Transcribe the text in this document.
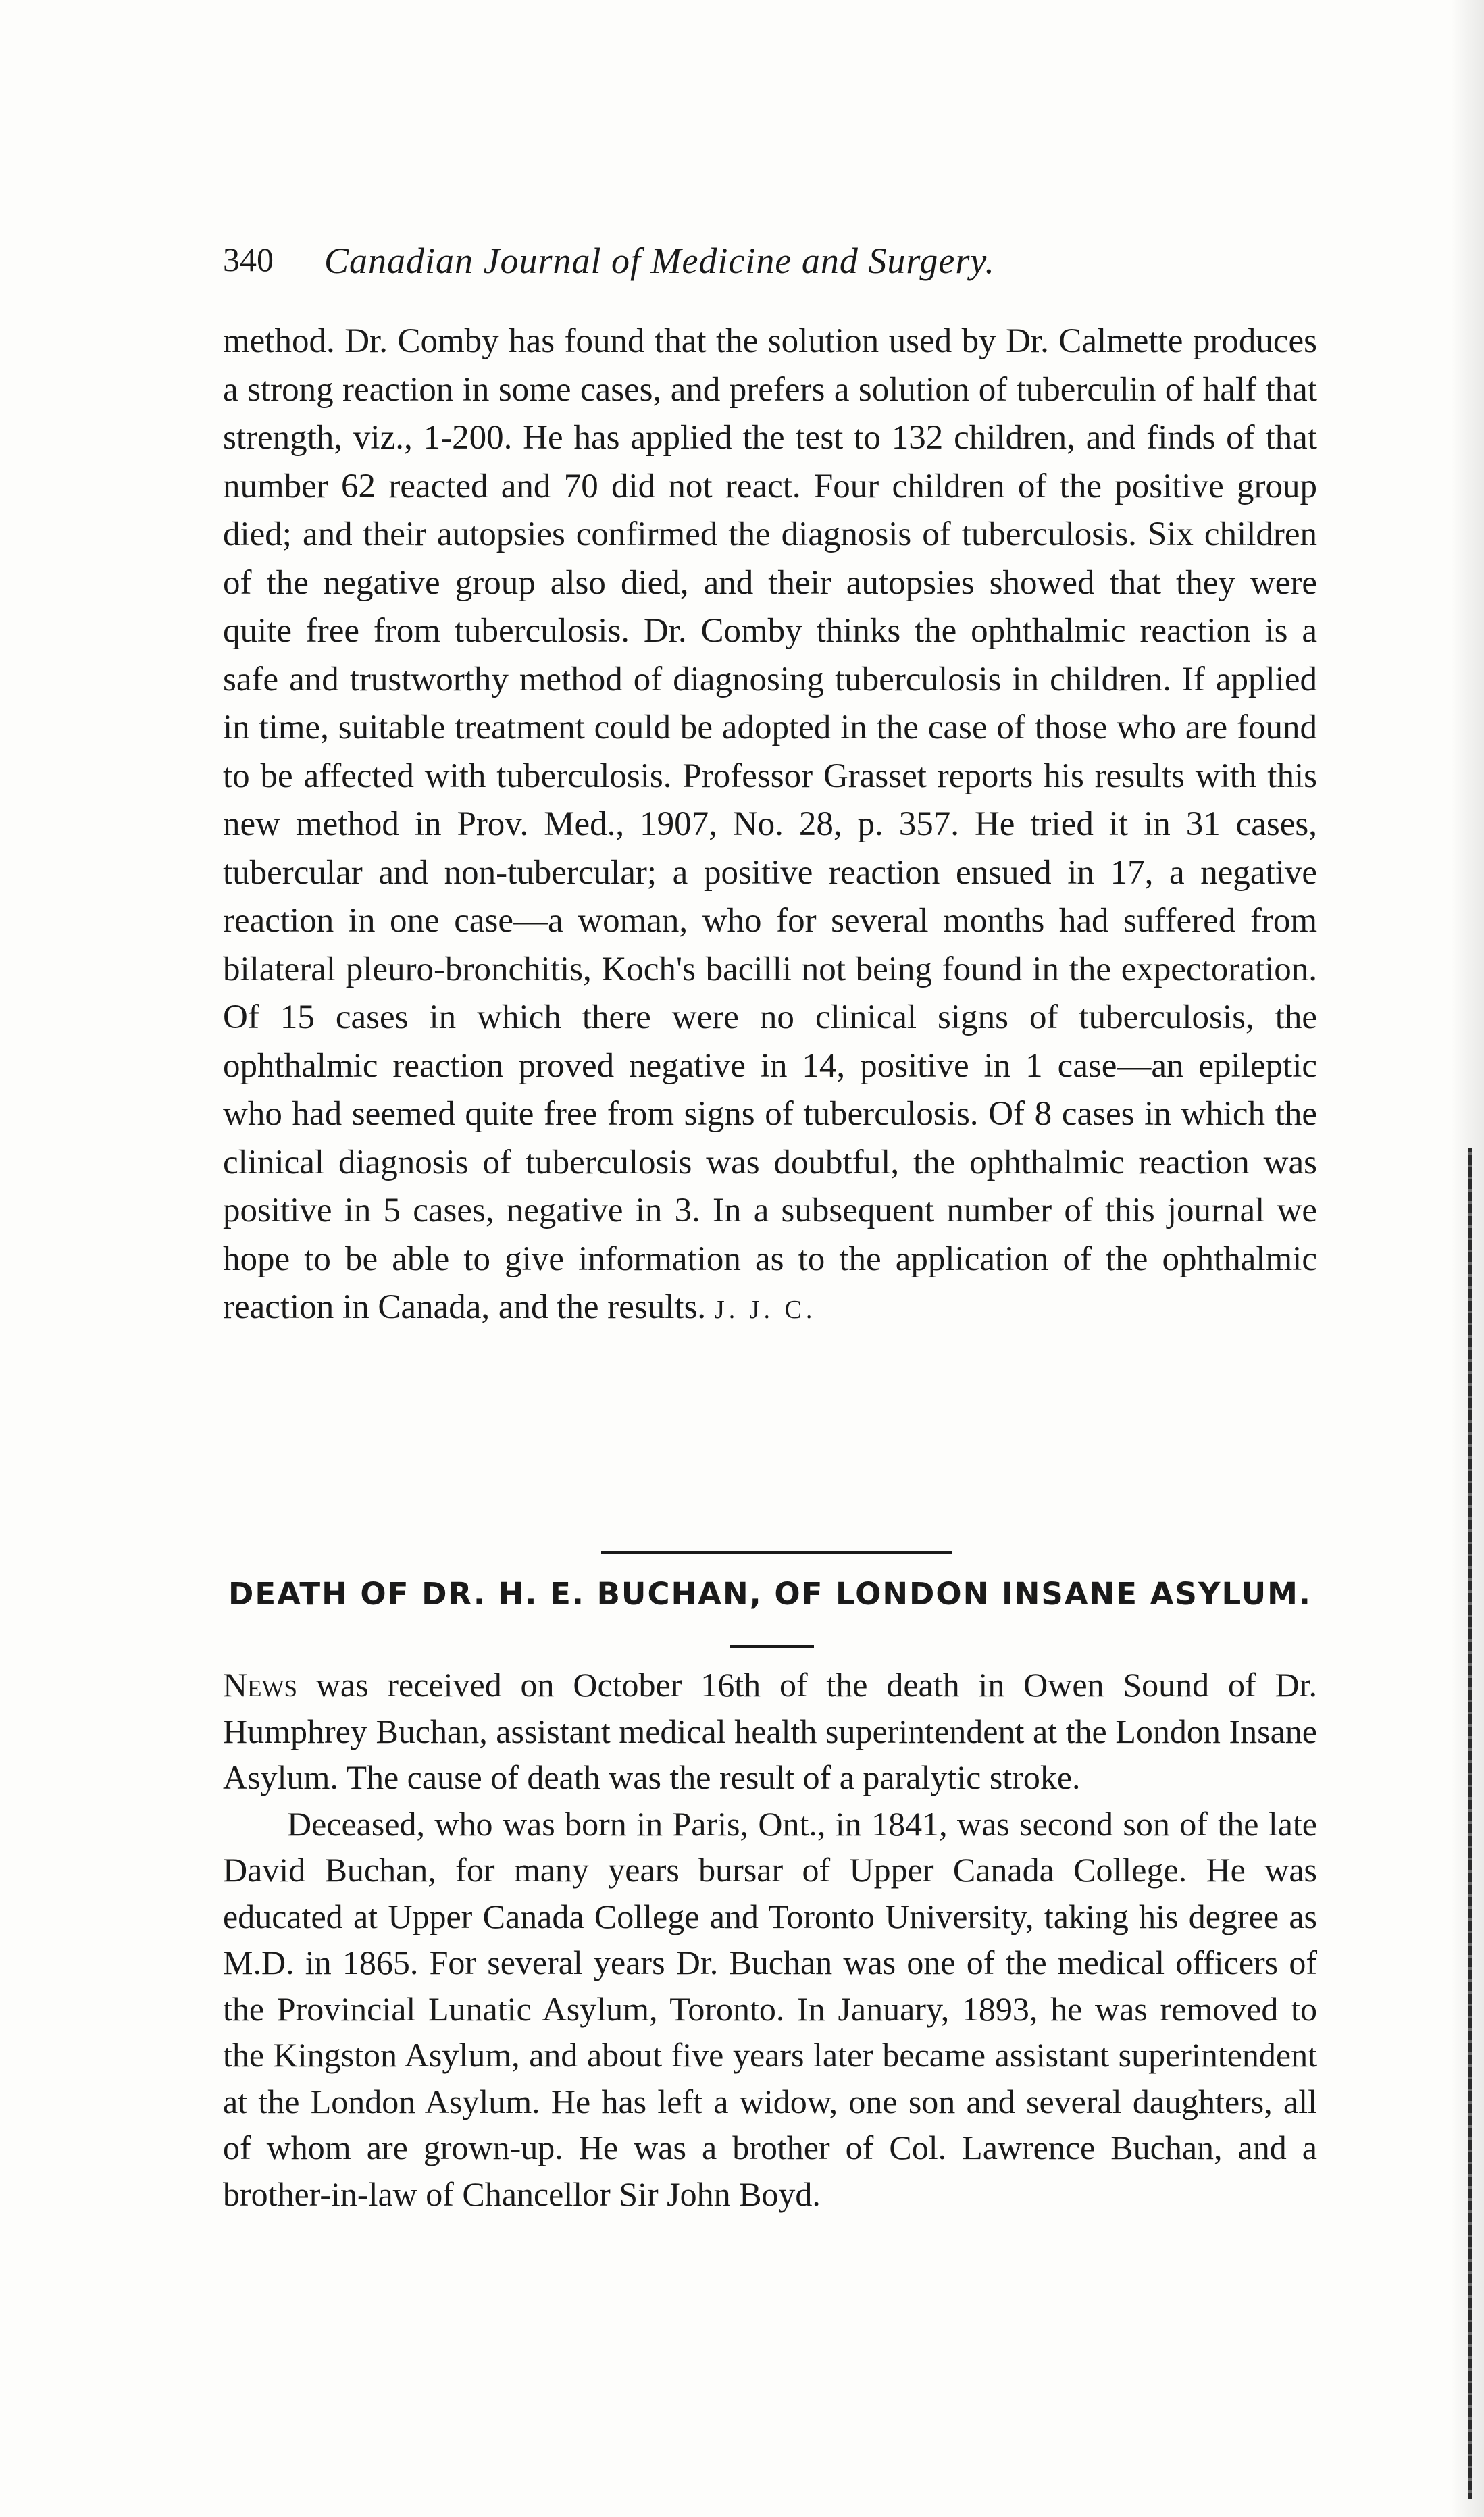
340 Canadian Journal of Medicine and Surgery.

method. Dr. Comby has found that the solution used by Dr. Calmette produces a strong reaction in some cases, and prefers a solution of tuberculin of half that strength, viz., 1-200. He has applied the test to 132 children, and finds of that number 62 reacted and 70 did not react. Four children of the positive group died; and their autopsies confirmed the diagnosis of tuberculosis. Six children of the negative group also died, and their autopsies showed that they were quite free from tuberculosis. Dr. Comby thinks the ophthalmic reaction is a safe and trustworthy method of diagnosing tuberculosis in children. If applied in time, suitable treatment could be adopted in the case of those who are found to be affected with tuberculosis. Professor Grasset reports his results with this new method in Prov. Med., 1907, No. 28, p. 357. He tried it in 31 cases, tubercular and non-tubercular; a positive reaction ensued in 17, a negative reaction in one case—a woman, who for several months had suffered from bilateral pleuro-bronchitis, Koch's bacilli not being found in the expectoration. Of 15 cases in which there were no clinical signs of tuberculosis, the ophthalmic reaction proved negative in 14, positive in 1 case—an epileptic who had seemed quite free from signs of tuberculosis. Of 8 cases in which the clinical diagnosis of tuberculosis was doubtful, the ophthalmic reaction was positive in 5 cases, negative in 3. In a subsequent number of this journal we hope to be able to give information as to the application of the ophthalmic reaction in Canada, and the results. J. J. C.

DEATH OF DR. H. E. BUCHAN, OF LONDON INSANE ASYLUM.

News was received on October 16th of the death in Owen Sound of Dr. Humphrey Buchan, assistant medical health superintendent at the London Insane Asylum. The cause of death was the result of a paralytic stroke.

Deceased, who was born in Paris, Ont., in 1841, was second son of the late David Buchan, for many years bursar of Upper Canada College. He was educated at Upper Canada College and Toronto University, taking his degree as M.D. in 1865. For several years Dr. Buchan was one of the medical officers of the Provincial Lunatic Asylum, Toronto. In January, 1893, he was removed to the Kingston Asylum, and about five years later became assistant superintendent at the London Asylum. He has left a widow, one son and several daughters, all of whom are grown-up. He was a brother of Col. Lawrence Buchan, and a brother-in-law of Chancellor Sir John Boyd.
